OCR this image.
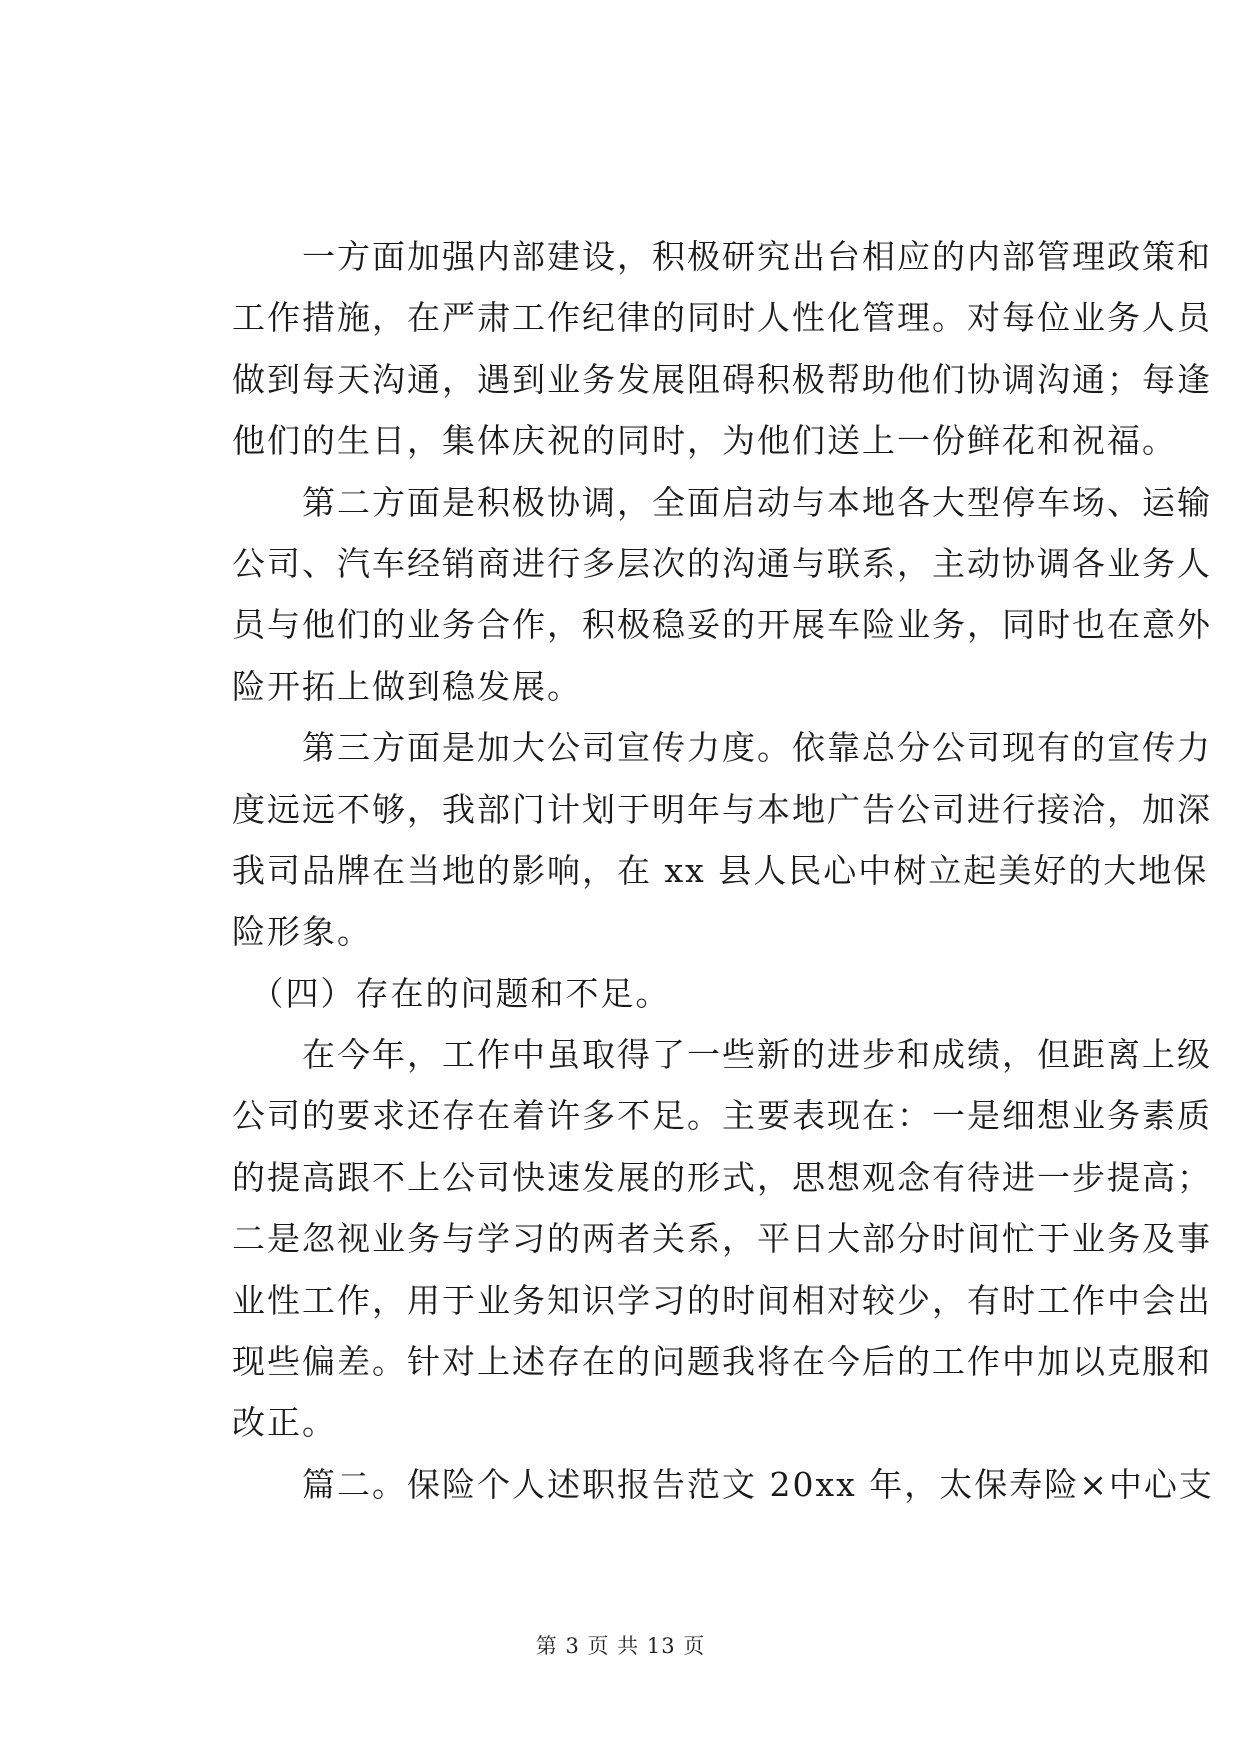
　　一方面加强内部建设，积极研究出台相应的内部管理政策和
工作措施，在严肃工作纪律的同时人性化管理。对每位业务人员
做到每天沟通，遇到业务发展阻碍积极帮助他们协调沟通；每逢
他们的生日，集体庆祝的同时，为他们送上一份鲜花和祝福。
　　第二方面是积极协调，全面启动与本地各大型停车场、运输
公司、汽车经销商进行多层次的沟通与联系，主动协调各业务人
员与他们的业务合作，积极稳妥的开展车险业务，同时也在意外
险开拓上做到稳发展。
　　第三方面是加大公司宣传力度。依靠总分公司现有的宣传力
度远远不够，我部门计划于明年与本地广告公司进行接洽，加深
我司品牌在当地的影响，在 xx 县人民心中树立起美好的大地保
险形象。
　（四）存在的问题和不足。
　　在今年，工作中虽取得了一些新的进步和成绩，但距离上级
公司的要求还存在着许多不足。主要表现在：一是细想业务素质
的提高跟不上公司快速发展的形式，思想观念有待进一步提高；
二是忽视业务与学习的两者关系，平日大部分时间忙于业务及事
业性工作，用于业务知识学习的时间相对较少，有时工作中会出
现些偏差。针对上述存在的问题我将在今后的工作中加以克服和
改正。
　　篇二。保险个人述职报告范文 20xx 年，太保寿险×中心支
第 3 页 共 13 页
